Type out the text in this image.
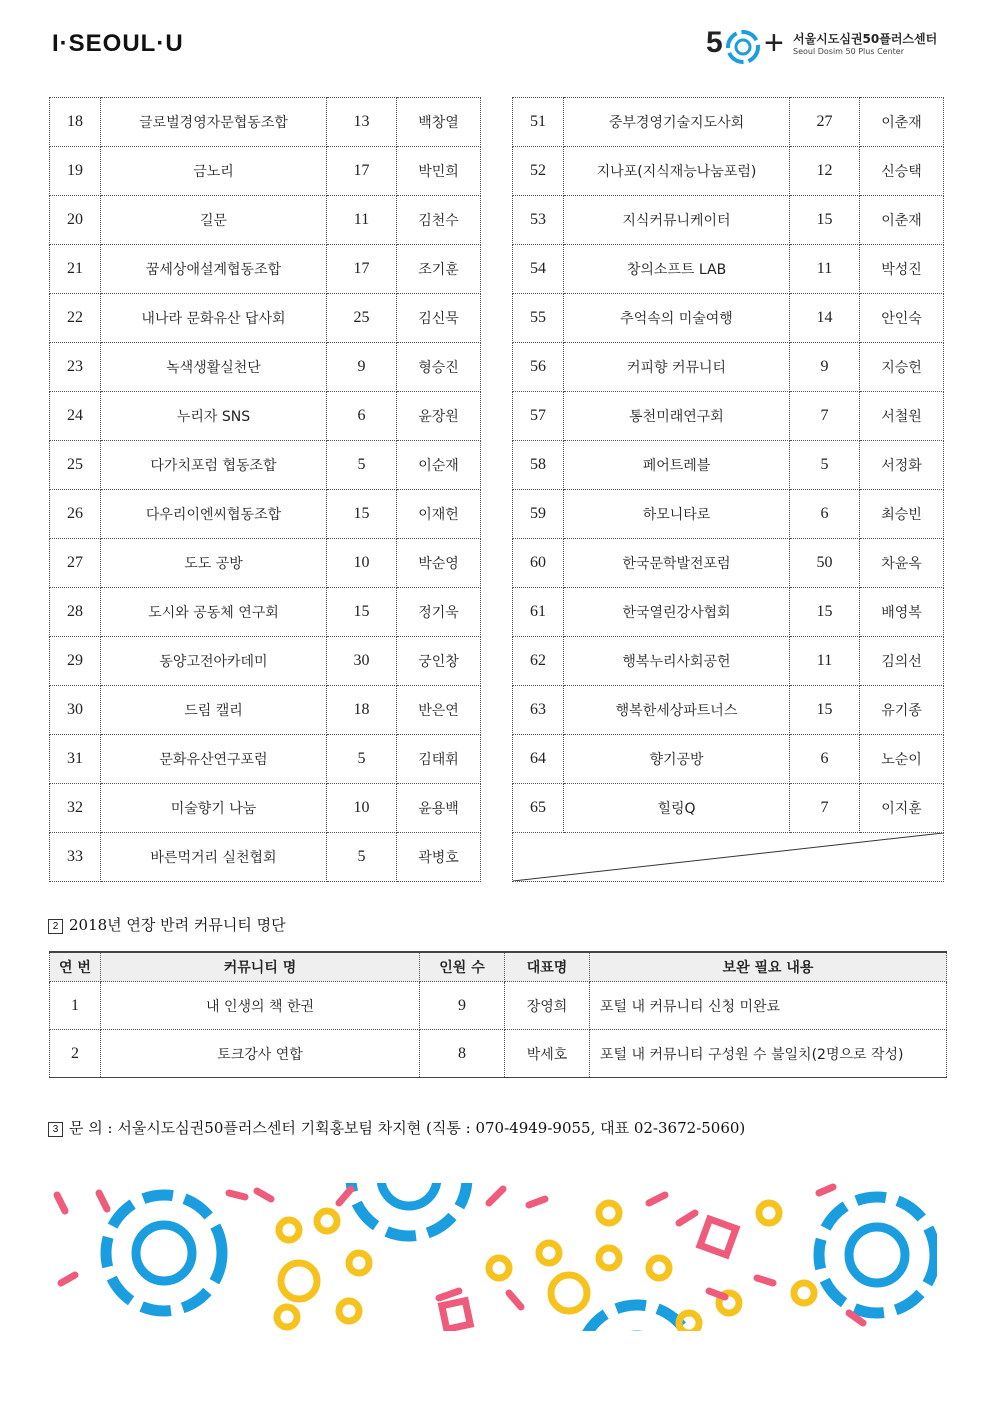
I·SEOUL·U	5 + 서울시도심권50플러스센터
Seoul Dosim 50 Plus Center
18	글로벌경영자문협동조합	13	백창열
19	금노리	17	박민희
20	길문	11	김천수
21	꿈세상애설계협동조합	17	조기훈
22	내나라 문화유산 답사회	25	김신묵
23	녹색생활실천단	9	형승진
24	누리자 SNS	6	윤장원
25	다가치포럼 협동조합	5	이순재
26	다우리이엔씨협동조합	15	이재헌
27	도도 공방	10	박순영
28	도시와 공동체 연구회	15	정기욱
29	동양고전아카데미	30	궁인창
30	드림 캘리	18	반은연
31	문화유산연구포럼	5	김태휘
32	미술향기 나눔	10	윤용백
33	바른먹거리 실천협회	5	곽병호
51	중부경영기술지도사회	27	이춘재
52	지나포(지식재능나눔포럼)	12	신승택
53	지식커뮤니케이터	15	이춘재
54	창의소프트 LAB	11	박성진
55	추억속의 미술여행	14	안인숙
56	커피향 커뮤니티	9	지승헌
57	통천미래연구회	7	서철원
58	페어트레블	5	서정화
59	하모니타로	6	최승빈
60	한국문학발전포럼	50	차윤옥
61	한국열린강사협회	15	배영복
62	행복누리사회공헌	11	김의선
63	행복한세상파트너스	15	유기종
64	향기공방	6	노순이
65	힐링Q	7	이지훈

2 2018년 연장 반려 커뮤니티 명단
연 번	커뮤니티 명	인원 수	대표명	보완 필요 내용
1	내 인생의 책 한권	9	장영희	포털 내 커뮤니티 신청 미완료
2	토크강사 연합	8	박세호	포털 내 커뮤니티 구성원 수 불일치(2명으로 작성)
3 문 의 : 서울시도심권50플러스센터 기획홍보팀 차지현 (직통 : 070-4949-9055, 대표 02-3672-5060)
